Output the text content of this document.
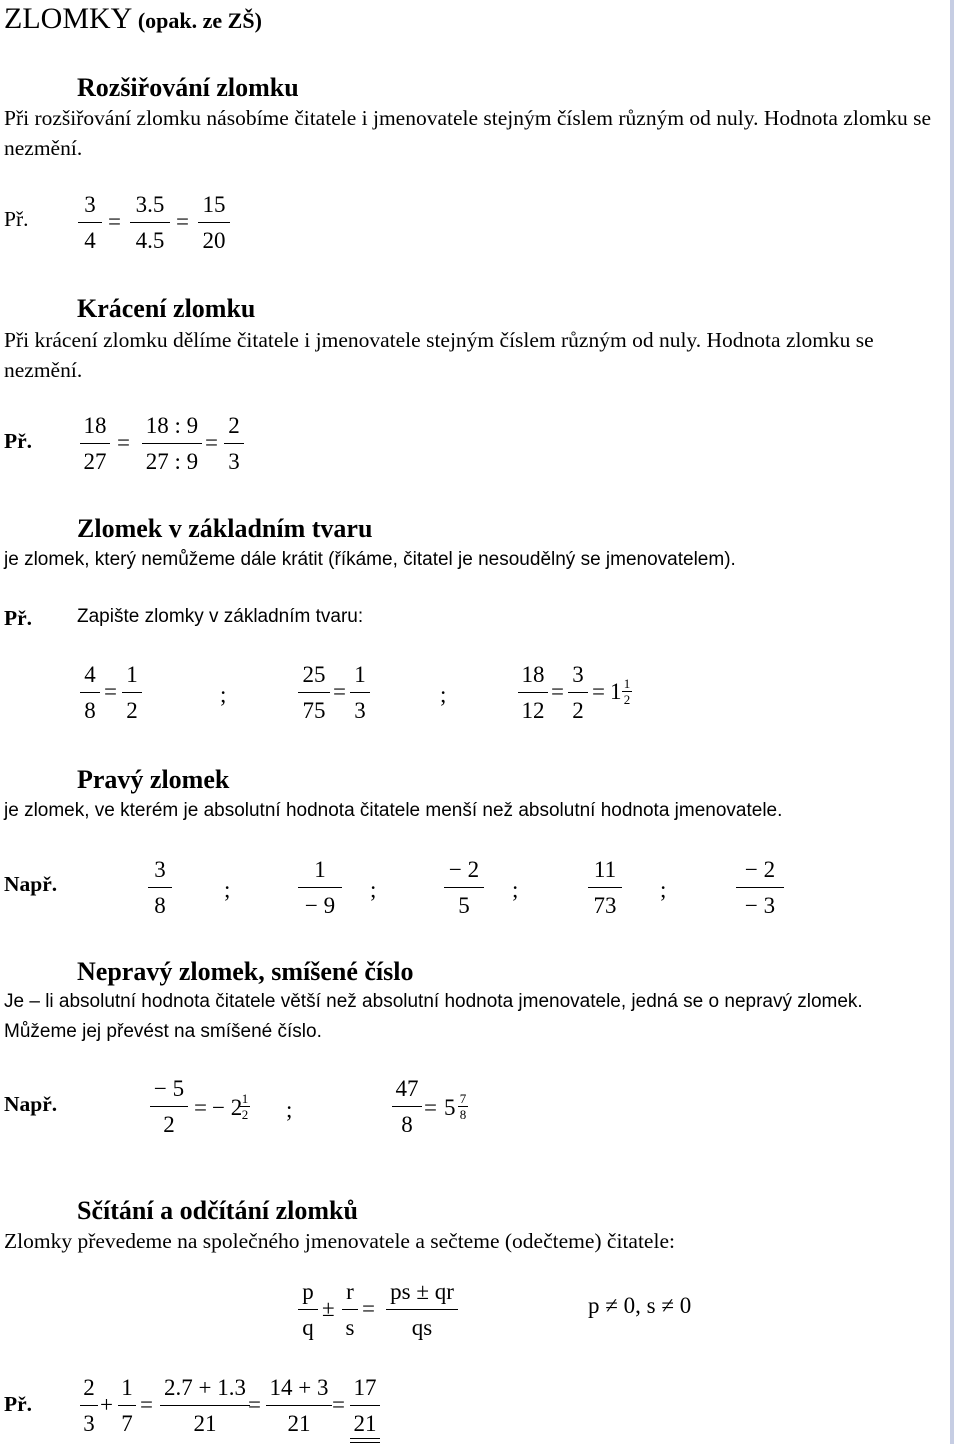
ZLOMKY (opak. ze ZŠ)
Rozšiřování zlomku

Při rozšiřování zlomku násobíme čitatele i jmenovatele stejným číslem různým od nuly. Hodnota zlomku se nezmění.

Př.
3
4
=
3.5
4.5
=
15
20
Krácení zlomku

Při krácení zlomku dělíme čitatele i jmenovatele stejným číslem různým od nuly. Hodnota zlomku se nezmění.

Př.
18
27
=
18 : 9
27 : 9
=
2
3
Zlomek v základním tvaru

je zlomek, který nemůžeme dále krátit (říkáme, čitatel je nesoudělný se jmenovatelem).

Př. Zapište zlomky v základním tvaru:
4
8
=
1
2
;
25
75
=
1
3
;
18
12
=
3
2
= 1 1
2
Pravý zlomek

je zlomek, ve kterém je absolutní hodnota čitatele menší než absolutní hodnota jmenovatele.

Např.
3
8
;
1
− 9
;
− 2
5
;
11
73
;
− 2
− 3
Nepravý zlomek, smíšené číslo

Je – li absolutní hodnota čitatele větší než absolutní hodnota jmenovatele, jedná se o nepravý zlomek. Můžeme jej převést na smíšené číslo.

Např.
− 5
2
= − 2 1
2 ;
47
8
= 5 7
8
Sčítání a odčítání zlomků

Zlomky převedeme na společného jmenovatele a sečteme (odečteme) čitatele:

p
q
±
r
s
=
ps ± qr
qs
p ≠ 0, s ≠ 0
Př.
2
3
+
1
7
=
2.7 + 1.3
21
=
14 + 3
21
=
17
21
